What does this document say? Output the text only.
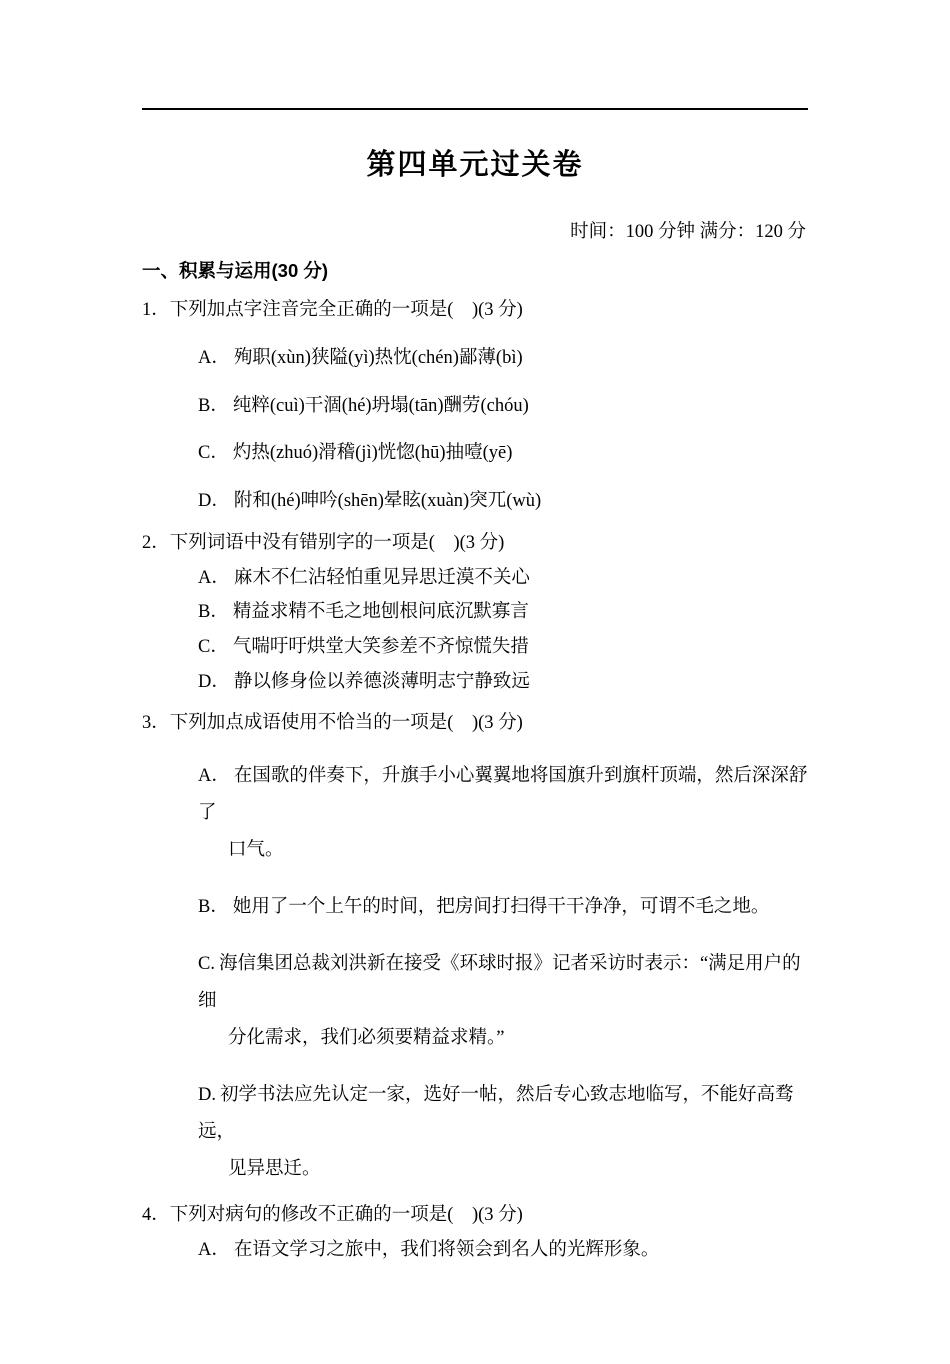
第四单元过关卷
时间：100 分钟 满分：120 分
一、积累与运用(30 分)
1．下列加点字注音完全正确的一项是( )(3 分)
A． 殉职(xùn)狭隘(yì)热忱(chén)鄙薄(bì)
B． 纯粹(cuì)干涸(hé)坍塌(tān)酬劳(chóu)
C． 灼热(zhuó)滑稽(jì)恍惚(hū)抽噎(yē)
D． 附和(hé)呻吟(shēn)晕眩(xuàn)突兀(wù)
2．下列词语中没有错别字的一项是( )(3 分)
A． 麻木不仁沾轻怕重见异思迁漠不关心
B． 精益求精不毛之地刨根问底沉默寡言
C． 气喘吁吁烘堂大笑参差不齐惊慌失措
D． 静以修身俭以养德淡薄明志宁静致远
3．下列加点成语使用不恰当的一项是( )(3 分)
A． 在国歌的伴奏下，升旗手小心翼翼地将国旗升到旗杆顶端，然后深深舒了
口气。
B． 她用了一个上午的时间，把房间打扫得干干净净，可谓不毛之地。
C. 海信集团总裁刘洪新在接受《环球时报》记者采访时表示：“满足用户的细
分化需求，我们必须要精益求精。”
D. 初学书法应先认定一家，选好一帖，然后专心致志地临写，不能好高骛远，
见异思迁。
4．下列对病句的修改不正确的一项是( )(3 分)
A． 在语文学习之旅中，我们将领会到名人的光辉形象。
